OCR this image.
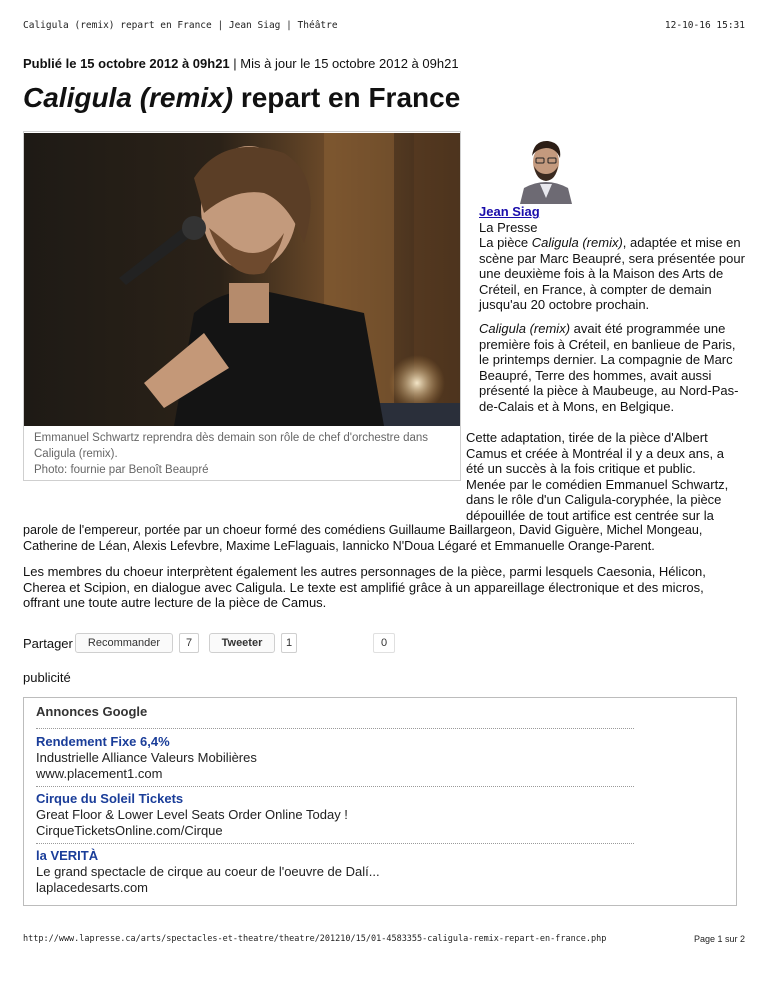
Caligula (remix) repart en France | Jean Siag | Théâtre	12-10-16 15:31
Publié le 15 octobre 2012 à 09h21 | Mis à jour le 15 octobre 2012 à 09h21
Caligula (remix) repart en France
Emmanuel Schwartz reprendra dès demain son rôle de chef d'orchestre dans
Caligula (remix).
Photo: fournie par Benoît Beaupré
Jean Siag
La Presse
La pièce Caligula (remix), adaptée et mise en scène par Marc Beaupré, sera présentée pour une deuxième fois à la Maison des Arts de Créteil, en France, à compter de demain jusqu'au 20 octobre prochain.
Caligula (remix) avait été programmée une première fois à Créteil, en banlieue de Paris, le printemps dernier. La compagnie de Marc Beaupré, Terre des hommes, avait aussi présenté la pièce à Maubeuge, au Nord-Pas-de-Calais et à Mons, en Belgique.
Cette adaptation, tirée de la pièce d'Albert
Camus et créée à Montréal il y a deux ans, a
été un succès à la fois critique et public.
Menée par le comédien Emmanuel Schwartz,
dans le rôle d'un Caligula-coryphée, la pièce
dépouillée de tout artifice est centrée sur la
parole de l'empereur, portée par un choeur formé des comédiens Guillaume Baillargeon, David Giguère, Michel Mongeau,
Catherine de Léan, Alexis Lefevbre, Maxime LeFlaguais, Iannicko N'Doua Légaré et Emmanuelle Orange-Parent.
Les membres du choeur interprètent également les autres personnages de la pièce, parmi lesquels Caesonia, Hélicon, Cherea et Scipion, en dialogue avec Caligula. Le texte est amplifié grâce à un appareillage électronique et des micros, offrant une toute autre lecture de la pièce de Camus.
Partager	Recommander	7	Tweeter	1	0
publicité
Annonces Google
Rendement Fixe 6,4%
Industrielle Alliance Valeurs Mobilières
www.placement1.com
Cirque du Soleil Tickets
Great Floor & Lower Level Seats Order Online Today !
CirqueTicketsOnline.com/Cirque
la VERITÀ
Le grand spectacle de cirque au coeur de l'oeuvre de Dalí...
laplacedesarts.com
http://www.lapresse.ca/arts/spectacles-et-theatre/theatre/201210/15/01-4583355-caligula-remix-repart-en-france.php	Page 1 sur 2
